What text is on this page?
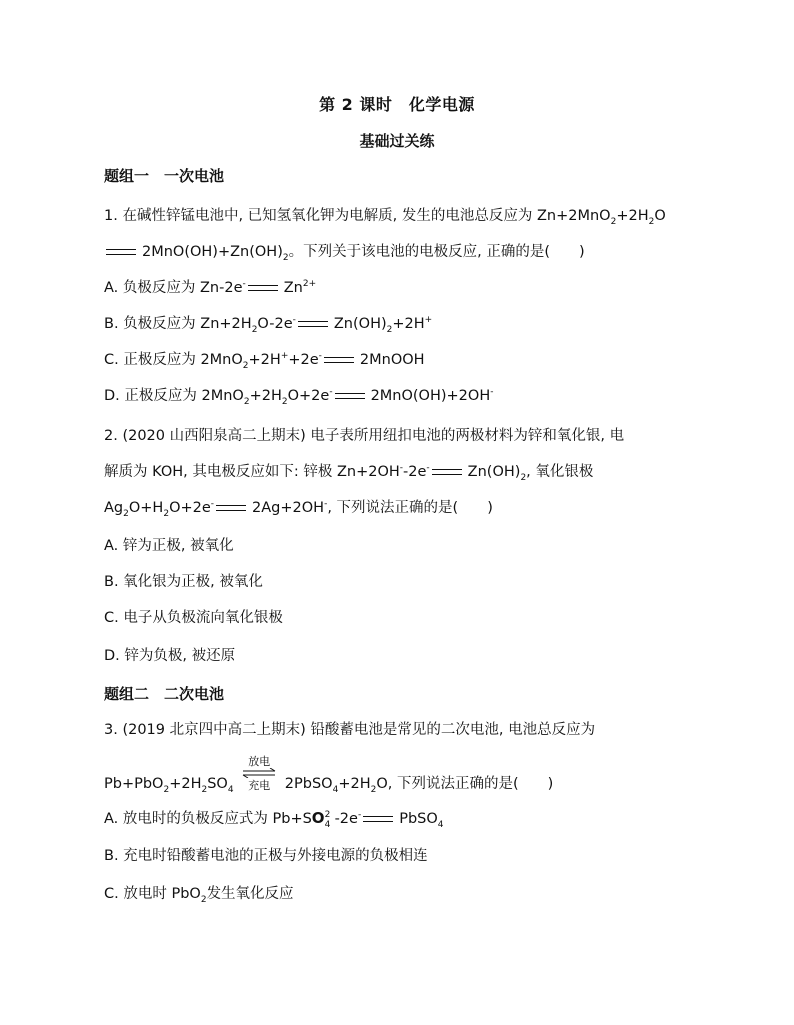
第 2 课时　化学电源
基础过关练
题组一　一次电池
1. 在碱性锌锰电池中, 已知氢氧化钾为电解质, 发生的电池总反应为 $Zn+2MnO_2+2H_2O$
$2MnO(OH)+Zn(OH)_2$。下列关于该电池的电极反应, 正确的是(　　)
A. 负极反应为 Zn-2e-	$Zn^{2+}$
B. 负极反应为 $Zn+2H_2O-2e^-$	$Zn(OH)_2+2H^+$
C. 正极反应为 2MnO$_2$+2H++2e-	2MnOOH
D. 正极反应为 $2MnO_2+2H_2O+2e^-$	2MnO(OH)+2OH-
2. (2020 山西阳泉高二上期末) 电子表所用纽扣电池的两极材料为锌和氧化银, 电
解质为 KOH, 其电极反应如下: 锌极 Zn+2OH--2e-	$Zn(OH)_2$, 氧化银极
$Ag_2O+H_2O+2e^-$	2Ag+2OH-, 下列说法正确的是(　　)
A. 锌为正极, 被氧化
B. 氧化银为正极, 被氧化
C. 电子从负极流向氧化银极
D. 锌为负极, 被还原
题组二　二次电池
3. (2019 北京四中高二上期末) 铅酸蓄电池是常见的二次电池, 电池总反应为
$Pb+PbO_2+2H_2SO_4$
放电
充电	$2PbSO_4+2H_2O$, 下列说法正确的是(　　)
A. 放电时的负极反应式为 Pb+SO 2
4 -2e-	PbSO$_4$
B. 充电时铅酸蓄电池的正极与外接电源的负极相连
C. 放电时 PbO$_2$发生氧化反应
